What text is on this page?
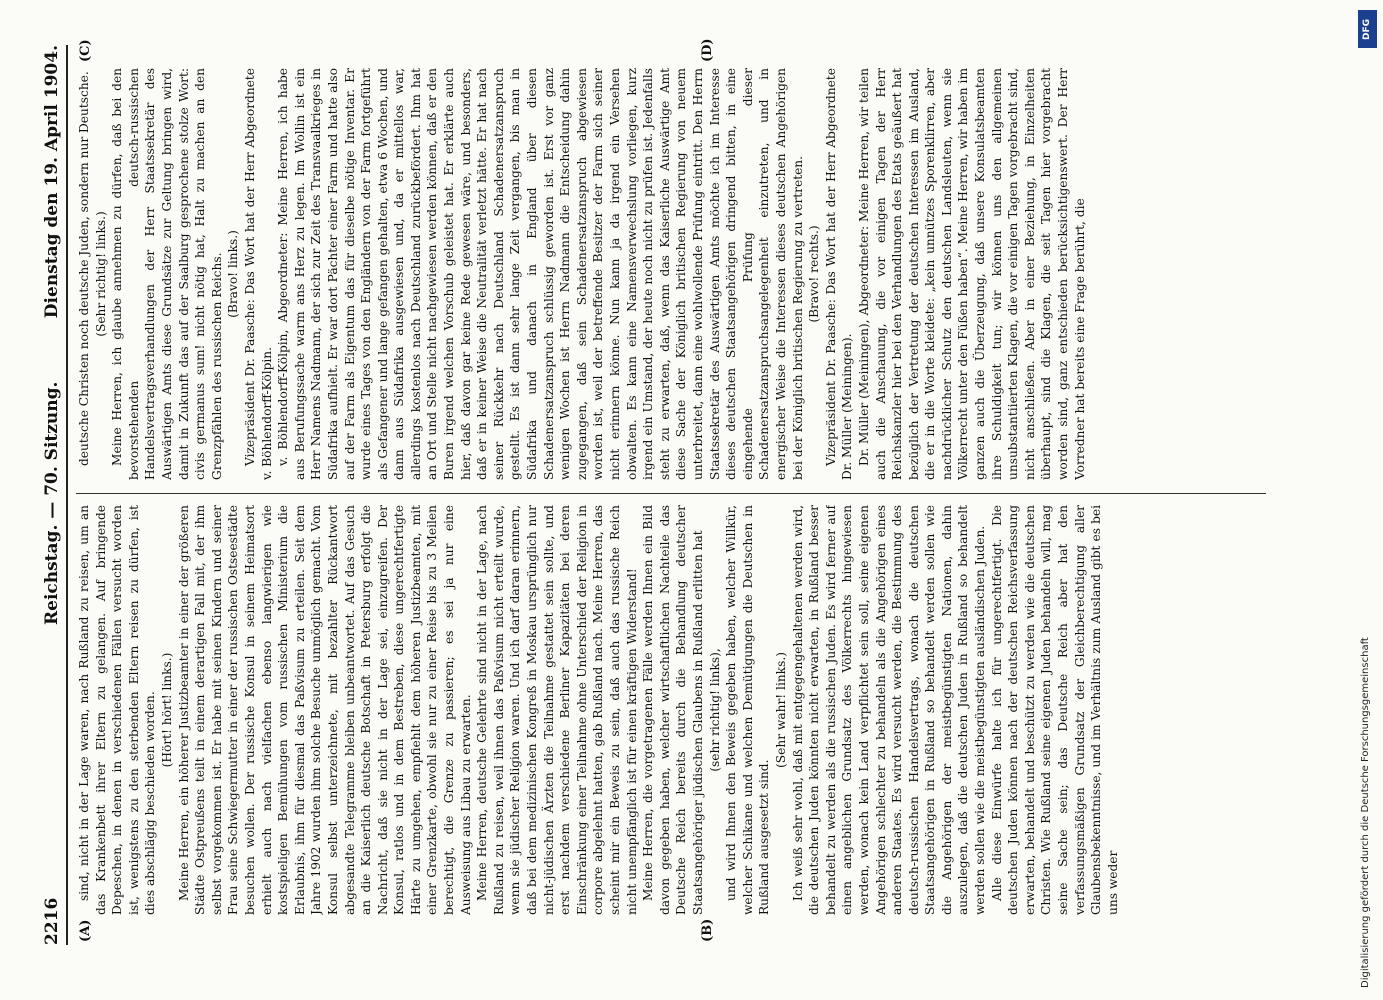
2216
Reichstag. — 70. Sitzung.
Dienstag den 19. April 1904.
(A)	(B)
(C)	(D)

sind, nicht in der Lage waren, nach Rußland zu reisen, um an das Krankenbett ihrer Eltern zu gelangen. Auf bringende Depeschen, in denen in verschiedenen Fällen versucht worden ist, wenigstens zu den sterbenden Eltern reisen zu dürfen, ist dies abschlägig beschieden worden. (Hört! hört! links.) Meine Herren, ein höherer Justizbeamter in einer der größeren Städte Ostpreußens teilt in einem derartigen Fall mit, der ihm selbst vorgekommen ist. Er habe mit seinen Kindern und seiner Frau seine Schwiegermutter in einer der russischen Ostseestädte besuchen wollen. Der russische Konsul in seinem Heimatsort erhielt auch nach vielfachen ebenso langwierigen wie kostspieligen Bemühungen vom russischen Ministerium die Erlaubnis, ihm für diesmal das Paßvisum zu erteilen. Seit dem Jahre 1902 wurden ihm solche Besuche unmöglich gemacht. Vom Konsul selbst unterzeichnete, mit bezahlter Rückantwort abgesandte Telegramme bleiben unbeantwortet. Auf das Gesuch an die Kaiserlich deutsche Botschaft in Petersburg erfolgt die Nachricht, daß sie nicht in der Lage sei, einzugreifen. Der Konsul, ratlos und in dem Bestreben, diese ungerechtfertigte Härte zu umgehen, empfiehlt dem höheren Justizbeamten, mit einer Grenzkarte, obwohl sie nur zu einer Reise bis zu 3 Meilen berechtigt, die Grenze zu passieren; es sei ja nur eine Ausweisung aus Libau zu erwarten. Meine Herren, deutsche Gelehrte sind nicht in der Lage, nach Rußland zu reisen, weil ihnen das Paßvisum nicht erteilt wurde, wenn sie jüdischer Religion waren. Und ich darf daran erinnern, daß bei dem medizinischen Kongreß in Moskau ursprünglich nur nicht-jüdischen Ärzten die Teilnahme gestattet sein sollte, und erst nachdem verschiedene Berliner Kapazitäten bei deren Einschränkung einer Teilnahme ohne Unterschied der Religion in corpore abgelehnt hatten, gab Rußland nach. Meine Herren, das scheint mir ein Beweis zu sein, daß auch das russische Reich nicht unempfänglich ist für einen kräftigen Widerstand! Meine Herren, die vorgetragenen Fälle werden Ihnen ein Bild davon gegeben haben, welcher wirtschaftlichen Nachteile das Deutsche Reich bereits durch die Behandlung deutscher Staatsangehöriger jüdischen Glaubens in Rußland erlitten hat (sehr richtig! links), und wird Ihnen den Beweis gegeben haben, welcher Willkür, welcher Schikane und welchen Demütigungen die Deutschen in Rußland ausgesetzt sind.

(Sehr wahr! links.) Ich weiß sehr wohl, daß mit entgegengehaltenen werden wird, die deutschen Juden könnten nicht erwarten, in Rußland besser behandelt zu werden als die russischen Juden. Es wird ferner auf einen angeblichen Grundsatz des Völkerrechts hingewiesen werden, wonach kein Land verpflichtet sein soll, seine eigenen Angehörigen schlechter zu behandeln als die Angehörigen eines anderen Staates. Es wird versucht werden, die Bestimmung des deutsch-russischen Handelsvertrags, wonach die deutschen Staatsangehörigen in Rußland so behandelt werden sollen wie die Angehörigen der meistbegünstigten Nationen, dahin auszulegen, daß die deutschen Juden in Rußland so behandelt werden sollen wie die meistbegünstigten ausländischen Juden. Alle diese Einwürfe halte ich für ungerechtfertigt. Die deutschen Juden können nach der deutschen Reichsverfassung erwarten, behandelt und beschützt zu werden wie die deutschen Christen. Wie Rußland seine eigenen Juden behandeln will, mag seine Sache sein; das Deutsche Reich aber hat den verfassungsmäßigen Grundsatz der Gleichberechtigung aller Glaubensbekenntnisse, und im Verhältnis zum Ausland gibt es bei uns weder

deutsche Christen noch deutsche Juden, sondern nur Deutsche. (Sehr richtig! links.) Meine Herren, ich glaube annehmen zu dürfen, daß bei den bevorstehenden deutsch-russischen Handelsvertragsverhandlungen der Herr Staatssekretär des Auswärtigen Amts diese Grundsätze zur Geltung bringen wird, damit in Zukunft das auf der Saalburg gesprochene stolze Wort: civis germanus sum! nicht nötig hat, Halt zu machen an den Grenzpfählen des russischen Reichs. (Bravo! links.) Vizepräsident Dr. Paasche: Das Wort hat der Herr Abgeordnete v. Böhlendorff-Kölpin. v. Böhlendorff-Kölpin, Abgeordneter: Meine Herren, ich habe aus Berufungssache warm ans Herz zu legen. Im Wollin ist ein Herr Namens Nadmann, der sich zur Zeit des Transvaalkrieges in Südafrika aufhielt. Er war dort Pächter einer Farm und hatte also auf der Farm als Eigentum das für dieselbe nötige Inventar. Er wurde eines Tages von den Engländern von der Farm fortgeführt als Gefangener und lange gefangen gehalten, etwa 6 Wochen, und dann aus Südafrika ausgewiesen und, da er mittellos war, allerdings kostenlos nach Deutschland zurückbefördert. Ihm hat an Ort und Stelle nicht nachgewiesen werden können, daß er den Buren irgend welchen Vorschub geleistet hat. Er erklärte auch hier, daß davon gar keine Rede gewesen wäre, und besonders, daß er in keiner Weise die Neutralität verletzt hätte. Er hat nach seiner Rückkehr nach Deutschland Schadenersatzanspruch gestellt. Es ist dann sehr lange Zeit vergangen, bis man in Südafrika und danach in England über diesen Schadenersatzanspruch schlüssig geworden ist. Erst vor ganz wenigen Wochen ist Herrn Nadmann die Entscheidung dahin zugegangen, daß sein Schadenersatzanspruch abgewiesen worden ist, weil der betreffende Besitzer der Farm sich seiner nicht erinnern könne. Nun kann ja da irgend ein Versehen obwalten. Es kann eine Namensverwechslung vorliegen, kurz irgend ein Umstand, der heute noch nicht zu prüfen ist. Jedenfalls steht zu erwarten, daß, wenn das Kaiserliche Auswärtige Amt diese Sache der Königlich britischen Regierung von neuem unterbreitet, dann eine wohlwollende Prüfung eintritt. Den Herrn Staatssekretär des Auswärtigen Amts möchte ich im Interesse dieses deutschen Staatsangehörigen dringend bitten, in eine eingehende Prüfung dieser Schadenersatzanspruchsangelegenheit einzutreten, und in energischer Weise die Interessen dieses deutschen Angehörigen bei der Königlich britischen Regierung zu vertreten. (Bravo! rechts.) Vizepräsident Dr. Paasche: Das Wort hat der Herr Abgeordnete Dr. Müller (Meiningen). Dr. Müller (Meiningen), Abgeordneter: Meine Herren, wir teilen auch die Anschauung, die vor einigen Tagen der Herr Reichskanzler hier bei den Verhandlungen des Etats geäußert hat bezüglich der Vertretung der deutschen Interessen im Ausland, die er in die Worte kleidete: „kein unnützes Sporenklirren, aber nachdrücklicher Schutz den deutschen Landsleuten, wenn sie Völkerrecht unter den Füßen haben“. Meine Herren, wir haben im ganzen auch die Überzeugung, daß unsere Konsulatsbeamten ihre Schuldigkeit tun; wir können uns den allgemeinen unsubstantiierten Klagen, die vor einigen Tagen vorgebracht sind, nicht anschließen. Aber in einer Beziehung, in Einzelheiten überhaupt, sind die Klagen, die seit Tagen hier vorgebracht worden sind, ganz entschieden berücksichtigenswert. Der Herr Vorredner hat bereits eine Frage berührt, die

DFG
Digitalisierung gefördert durch die Deutsche Forschungsgemeinschaft
